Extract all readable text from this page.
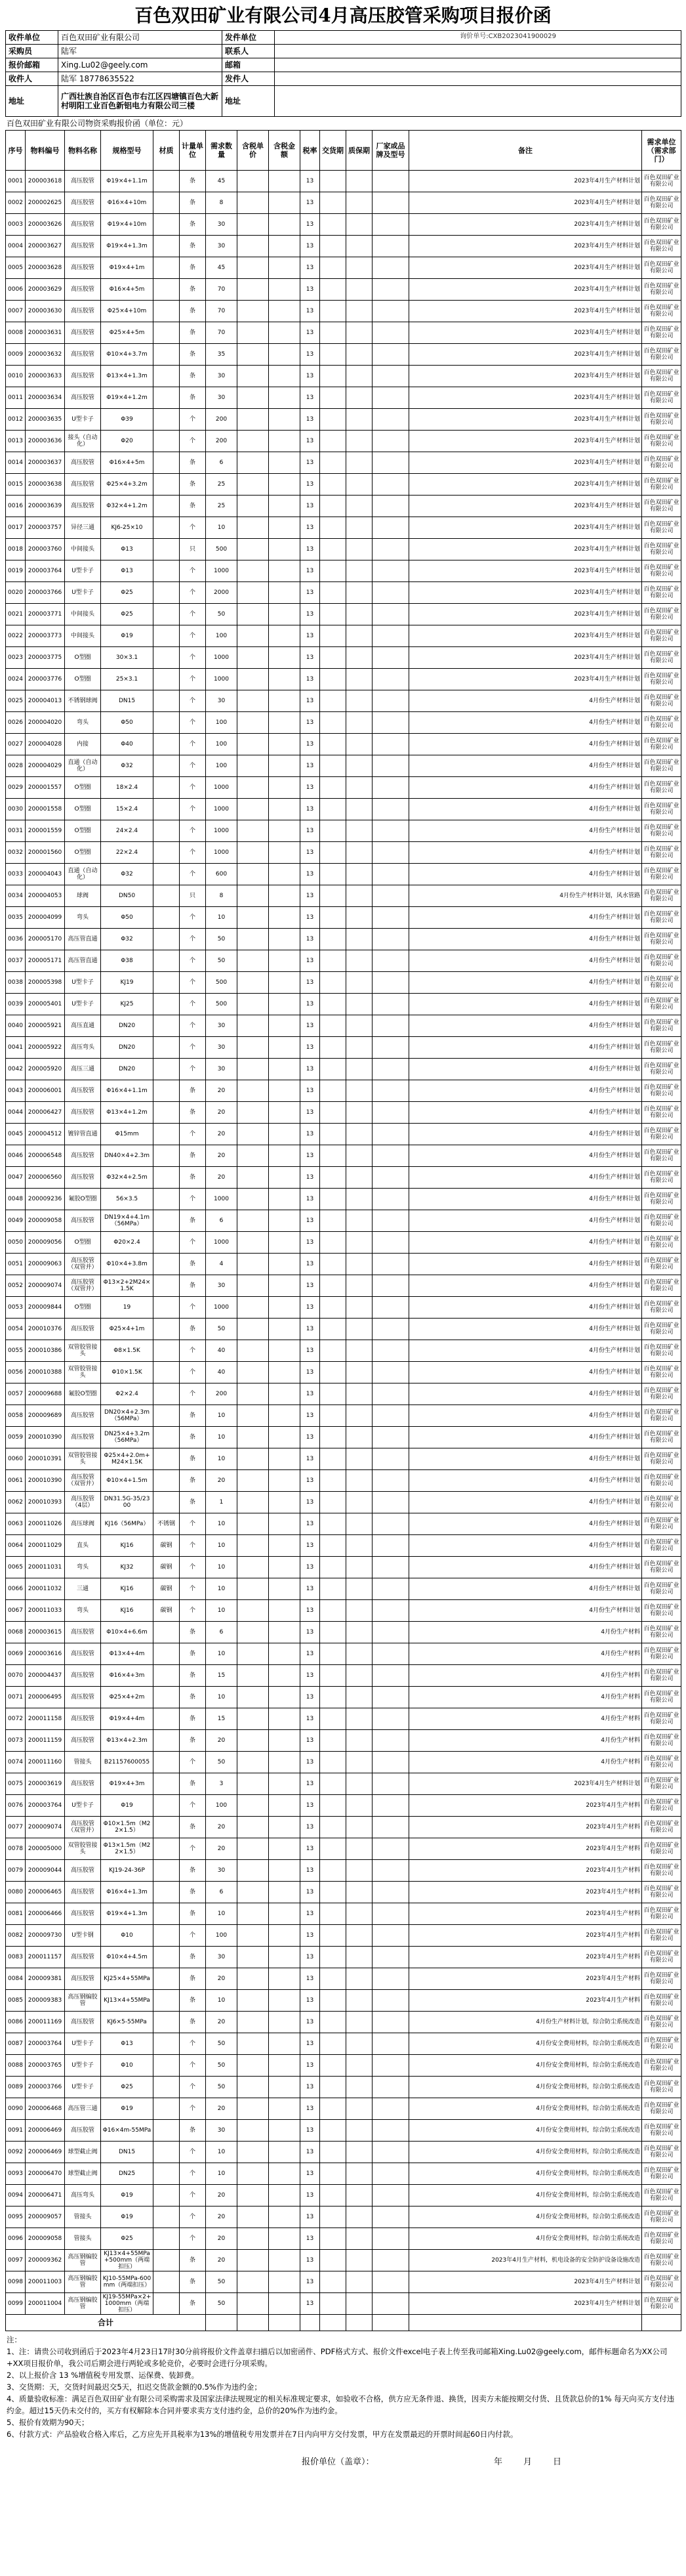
百色双田矿业有限公司4月高压胶管采购项目报价函
询价单号:CXB2023041900029
收件单位	百色双田矿业有限公司	发件单位	
采购员	陆军	联系人	
报价邮箱	Xing.Lu02@geely.com	邮箱	
收件人	陆军 18778635522	发件人	
地址	广西壮族自治区百色市右江区四塘镇百色大新村明阳工业百色新铝电力有限公司三楼	地址	
百色双田矿业有限公司物资采购报价函（单位：元）
序号	物料编号	物料名称	规格型号	材质	计量单位	需求数量	含税单价	含税金额	税率	交货期	质保期	厂家或品牌及型号	备注	需求单位（需求部门）
0001	200003618	高压胶管	Φ19×4+1.1m		条	45			13				2023年4月生产材料计划	百色双田矿业有限公司
0002	200002625	高压胶管	Φ16×4+10m		条	8			13				2023年4月生产材料计划	百色双田矿业有限公司
0003	200003626	高压胶管	Φ19×4+10m		条	30			13				2023年4月生产材料计划	百色双田矿业有限公司
0004	200003627	高压胶管	Φ19×4+1.3m		条	30			13				2023年4月生产材料计划	百色双田矿业有限公司
0005	200003628	高压胶管	Φ19×4+1m		条	45			13				2023年4月生产材料计划	百色双田矿业有限公司
0006	200003629	高压胶管	Φ16×4+5m		条	70			13				2023年4月生产材料计划	百色双田矿业有限公司
0007	200003630	高压胶管	Φ25×4+10m		条	70			13				2023年4月生产材料计划	百色双田矿业有限公司
0008	200003631	高压胶管	Φ25×4+5m		条	70			13				2023年4月生产材料计划	百色双田矿业有限公司
0009	200003632	高压胶管	Φ10×4+3.7m		条	35			13				2023年4月生产材料计划	百色双田矿业有限公司
0010	200003633	高压胶管	Φ13×4+1.3m		条	30			13				2023年4月生产材料计划	百色双田矿业有限公司
0011	200003634	高压胶管	Φ19×4+1.2m		条	30			13				2023年4月生产材料计划	百色双田矿业有限公司
0012	200003635	U型卡子	Φ39		个	200			13				2023年4月生产材料计划	百色双田矿业有限公司
0013	200003636	接头（自动化）	Φ20		个	200			13				2023年4月生产材料计划	百色双田矿业有限公司
0014	200003637	高压胶管	Φ16×4+5m		条	6			13				2023年4月生产材料计划	百色双田矿业有限公司
0015	200003638	高压胶管	Φ25×4+3.2m		条	25			13				2023年4月生产材料计划	百色双田矿业有限公司
0016	200003639	高压胶管	Φ32×4+1.2m		条	25			13				2023年4月生产材料计划	百色双田矿业有限公司
0017	200003757	异径三通	KJ6-25×10		个	10			13				2023年4月生产材料计划	百色双田矿业有限公司
0018	200003760	中间接头	Φ13		只	500			13				2023年4月生产材料计划	百色双田矿业有限公司
0019	200003764	U型卡子	Φ13		个	1000			13				2023年4月生产材料计划	百色双田矿业有限公司
0020	200003766	U型卡子	Φ25		个	2000			13				2023年4月生产材料计划	百色双田矿业有限公司
0021	200003771	中间接头	Φ25		个	50			13				2023年4月生产材料计划	百色双田矿业有限公司
0022	200003773	中间接头	Φ19		个	100			13				2023年4月生产材料计划	百色双田矿业有限公司
0023	200003775	O型圈	30×3.1		个	1000			13				2023年4月生产材料计划	百色双田矿业有限公司
0024	200003776	O型圈	25×3.1		个	1000			13				2023年4月生产材料计划	百色双田矿业有限公司
0025	200004013	不锈钢球阀	DN15		个	30			13				4月份生产材料计划	百色双田矿业有限公司
0026	200004020	弯头	Φ50		个	100			13				4月份生产材料计划	百色双田矿业有限公司
0027	200004028	内接	Φ40		个	100			13				4月份生产材料计划	百色双田矿业有限公司
0028	200004029	直通（自动化）	Φ32		个	100			13				4月份生产材料计划	百色双田矿业有限公司
0029	200001557	O型圈	18×2.4		个	1000			13				4月份生产材料计划	百色双田矿业有限公司
0030	200001558	O型圈	15×2.4		个	1000			13				4月份生产材料计划	百色双田矿业有限公司
0031	200001559	O型圈	24×2.4		个	1000			13				4月份生产材料计划	百色双田矿业有限公司
0032	200001560	O型圈	22×2.4		个	1000			13				4月份生产材料计划	百色双田矿业有限公司
0033	200004043	直通（自动化）	Φ32		个	600			13				4月份生产材料计划	百色双田矿业有限公司
0034	200004053	球阀	DN50		只	8			13				4月份生产材料计划，风水管路	百色双田矿业有限公司
0035	200004099	弯头	Φ50		个	10			13				4月份生产材料计划	百色双田矿业有限公司
0036	200005170	高压管直通	Φ32		个	50			13				4月份生产材料计划	百色双田矿业有限公司
0037	200005171	高压管直通	Φ38		个	50			13				4月份生产材料计划	百色双田矿业有限公司
0038	200005398	U型卡子	KJ19		个	500			13				4月份生产材料计划	百色双田矿业有限公司
0039	200005401	U型卡子	KJ25		个	500			13				4月份生产材料计划	百色双田矿业有限公司
0040	200005921	高压直通	DN20		个	30			13				4月份生产材料计划	百色双田矿业有限公司
0041	200005922	高压弯头	DN20		个	30			13				4月份生产材料计划	百色双田矿业有限公司
0042	200005920	高压三通	DN20		个	30			13				4月份生产材料计划	百色双田矿业有限公司
0043	200006001	高压胶管	Φ16×4+1.1m		条	20			13				4月份生产材料计划	百色双田矿业有限公司
0044	200006427	高压胶管	Φ13×4+1.2m		条	20			13				4月份生产材料计划	百色双田矿业有限公司
0045	200004512	镀锌管直通	Φ15mm		个	20			13				4月份生产材料计划	百色双田矿业有限公司
0046	200006548	高压胶管	DN40×4+2.3m		条	20			13				4月份生产材料计划	百色双田矿业有限公司
0047	200006560	高压胶管	Φ32×4+2.5m		条	20			13				4月份生产材料计划	百色双田矿业有限公司
0048	200009236	氟胶O型圈	56×3.5		个	1000			13				4月份生产材料计划	百色双田矿业有限公司
0049	200009058	高压胶管	DN19×4+4.1m（56MPa）		条	6			13				4月份生产材料计划	百色双田矿业有限公司
0050	200009056	O型圈	Φ20×2.4		个	1000			13				4月份生产材料计划	百色双田矿业有限公司
0051	200009063	高压胶管（双管并）	Φ10×4+3.8m		条	4			13				4月份生产材料计划	百色双田矿业有限公司
0052	200009074	高压胶管（双管并）	Φ13×2+2M24×1.5K		条	30			13				4月份生产材料计划	百色双田矿业有限公司
0053	200009844	O型圈	19		个	1000			13				4月份生产材料计划	百色双田矿业有限公司
0054	200010376	高压胶管	Φ25×4+1m		条	50			13				4月份生产材料计划	百色双田矿业有限公司
0055	200010386	双管胶管接头	Φ8×1.5K		个	40			13				4月份生产材料计划	百色双田矿业有限公司
0056	200010388	双管胶管接头	Φ10×1.5K		个	40			13				4月份生产材料计划	百色双田矿业有限公司
0057	200009688	氟胶O型圈	Φ2×2.4		个	200			13				4月份生产材料计划	百色双田矿业有限公司
0058	200009689	高压胶管	DN20×4+2.3m（56MPa）		条	10			13				4月份生产材料计划	百色双田矿业有限公司
0059	200010390	高压胶管	DN25×4+3.2m（56MPa）		条	10			13				4月份生产材料计划	百色双田矿业有限公司
0060	200010391	双管胶管接头	Φ25×4+2.0m+M24×1.5K		条	10			13				4月份生产材料计划	百色双田矿业有限公司
0061	200010390	高压胶管（双管并）	Φ10×4+1.5m		条	20			13				4月份生产材料计划	百色双田矿业有限公司
0062	200010393	高压胶管（4层）	DN31.5G-35/2300		条	1			13				4月份生产材料计划	百色双田矿业有限公司
0063	200011026	高压球阀	KJ16（56MPa）	不锈钢	个	10			13				4月份生产材料计划	百色双田矿业有限公司
0064	200011029	直头	KJ16	碳钢	个	10			13				4月份生产材料计划	百色双田矿业有限公司
0065	200011031	弯头	KJ32	碳钢	个	10			13				4月份生产材料计划	百色双田矿业有限公司
0066	200011032	三通	KJ16	碳钢	个	10			13				4月份生产材料计划	百色双田矿业有限公司
0067	200011033	弯头	KJ16	碳钢	个	10			13				4月份生产材料计划	百色双田矿业有限公司
0068	200003615	高压胶管	Φ10×4+6.6m		条	6			13				4月份生产材料	百色双田矿业有限公司
0069	200003616	高压胶管	Φ13×4+4m		条	10			13				4月份生产材料	百色双田矿业有限公司
0070	200004437	高压胶管	Φ16×4+3m		条	15			13				4月份生产材料	百色双田矿业有限公司
0071	200006495	高压胶管	Φ25×4+2m		条	10			13				4月份生产材料	百色双田矿业有限公司
0072	200011158	高压胶管	Φ19×4+4m		条	15			13				4月份生产材料	百色双田矿业有限公司
0073	200011159	高压胶管	Φ13×4+2.3m		条	20			13				4月份生产材料	百色双田矿业有限公司
0074	200011160	管接头	B21157600055		个	50			13				4月份生产材料	百色双田矿业有限公司
0075	200003619	高压胶管	Φ19×4+3m		条	3			13				2023年4月生产材料计划	百色双田矿业有限公司
0076	200003764	U型卡子	Φ19		个	100			13				2023年4月生产材料	百色双田矿业有限公司
0077	200009074	高压胶管（双管并）	Φ10×1.5m（M22×1.5）		条	20			13				2023年4月生产材料	百色双田矿业有限公司
0078	200005000	双管胶管接头	Φ13×1.5m（M22×1.5）		个	20			13				2023年4月生产材料	百色双田矿业有限公司
0079	200009044	高压胶管	KJ19-24-36P		条	30			13				2023年4月生产材料	百色双田矿业有限公司
0080	200006465	高压胶管	Φ16×4+1.3m		条	6			13				2023年4月生产材料	百色双田矿业有限公司
0081	200006466	高压胶管	Φ19×4+1.3m		条	10			13				2023年4月生产材料	百色双田矿业有限公司
0082	200009730	U型卡钢	Φ10		个	100			13				2023年4月生产材料	百色双田矿业有限公司
0083	200011157	高压胶管	Φ10×4+4.5m		条	30			13				2023年4月生产材料	百色双田矿业有限公司
0084	200009381	高压胶管	KJ25×4+55MPa		条	20			13				2023年4月生产材料	百色双田矿业有限公司
0085	200009383	高压钢编胶管	KJ13×4+55MPa		条	10			13				2023年4月生产材料	百色双田矿业有限公司
0086	200011169	高压胶管	KJ6×5-55MPa		条	20			13				4月份生产材料计划，综合防尘系统改造	百色双田矿业有限公司
0087	200003764	U型卡子	Φ13		个	50			13				4月份安全费用材料，综合防尘系统改造	百色双田矿业有限公司
0088	200003765	U型卡子	Φ10		个	50			13				4月份安全费用材料，综合防尘系统改造	百色双田矿业有限公司
0089	200003766	U型卡子	Φ25		个	50			13				4月份安全费用材料，综合防尘系统改造	百色双田矿业有限公司
0090	200006468	高压管三通	Φ19		个	20			13				4月份安全费用材料，综合防尘系统改造	百色双田矿业有限公司
0091	200006469	高压胶管	Φ16×4m-55MPa		条	30			13				4月份安全费用材料，综合防尘系统改造	百色双田矿业有限公司
0092	200006469	球型截止阀	DN15		个	10			13				4月份安全费用材料，综合防尘系统改造	百色双田矿业有限公司
0093	200006470	球型截止阀	DN25		个	10			13				4月份安全费用材料，综合防尘系统改造	百色双田矿业有限公司
0094	200006471	高压弯头	Φ19		个	20			13				4月份安全费用材料，综合防尘系统改造	百色双田矿业有限公司
0095	200009057	管接头	Φ19		个	20			13				4月份安全费用材料，综合防尘系统改造	百色双田矿业有限公司
0096	200009058	管接头	Φ25		个	20			13				4月份安全费用材料，综合防尘系统改造	百色双田矿业有限公司
0097	200009362	高压钢编胶管	KJ13×4+55MPa+500mm（两端扣压）		条	20			13				2023年4月生产材料，机电设备的安全防护设备设施改造	百色双田矿业有限公司
0098	200011003	高压钢编胶管	KJ10-55MPa-600mm（两端扣压）		条	50			13				2023年4月生产材料计划	百色双田矿业有限公司
0099	200011004	高压钢编胶管	KJ19-55MPa×2+1000mm（两端扣压）		条	50			13				2023年4月生产材料计划	百色双田矿业有限公司
合计														
注：
1、注：请贵公司收到函后于2023年4月23日17时30分前将报价文件盖章扫描后以加密函件、PDF格式方式、报价文件excel电子表上传至我司邮箱Xing.Lu02@geely.com，邮件标题命名为XX公司+XX项目报价单，我公司后期会进行两轮或多轮竞价，必要时会进行分项采购。
2、以上报价含 13 %增值税专用发票、运保费、装卸费。
3、交货期：天，交货时间最迟交5天，扣迟交货款金额的0.5%作为违约金；
4、质量验收标准：满足百色双田矿业有限公司采购需求及国家法律法规规定的相关标准规定要求，如验收不合格，供方应无条件退、换货，因卖方未能按期交付货、且货款总价的1% 每天向买方支付违约金。超过15天仍未交付的，买方有权解除本合同并要求卖方支付违约金，总价的20%作为违约金。
5、报价有效期为90天；
6、付款方式：产品验收合格入库后，乙方应先开具税率为13%的增值税专用发票并在7日内向甲方交付发票，甲方在发票最迟的开票时间起60日内付款。
报价单位（盖章）：	年 月 日
